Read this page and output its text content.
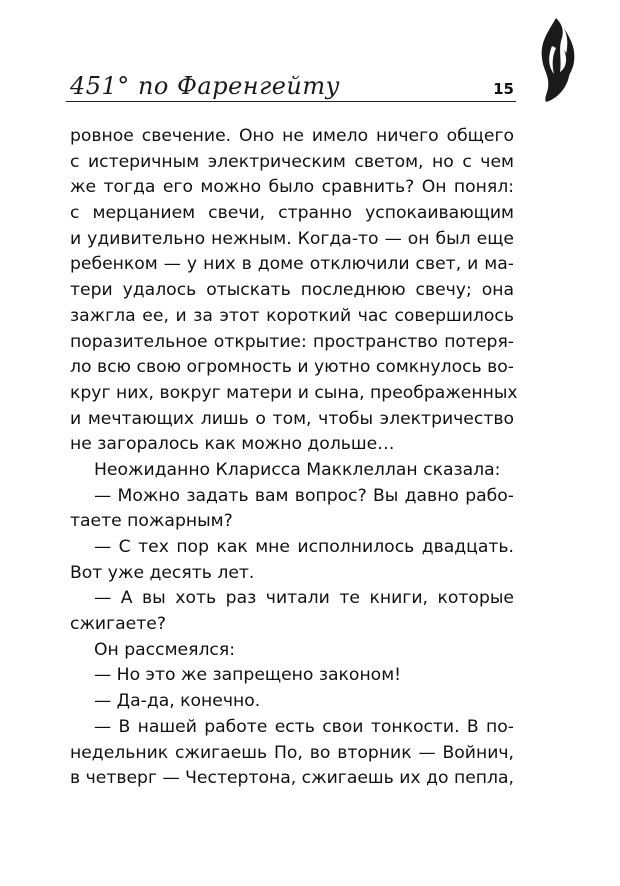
451° по Фаренгейту	15
ровное свечение. Оно не имело ничего общего
с истеричным электрическим светом, но с чем
же тогда его можно было сравнить? Он понял:
с мерцанием свечи, странно успокаивающим
и удивительно нежным. Когда-то — он был еще
ребенком — у них в доме отключили свет, и ма-
тери удалось отыскать последнюю свечу; она
зажгла ее, и за этот короткий час совершилось
поразительное открытие: пространство потеря-
ло всю свою огромность и уютно сомкнулось во-
круг них, вокруг матери и сына, преображенных
и мечтающих лишь о том, чтобы электричество
не загоралось как можно дольше…
Неожиданно Кларисса Макклеллан сказала:
— Можно задать вам вопрос? Вы давно рабо-
таете пожарным?
— С тех пор как мне исполнилось двадцать.
Вот уже десять лет.
— А вы хоть раз читали те книги, которые
сжигаете?
Он рассмеялся:
— Но это же запрещено законом!
— Да-да, конечно.
— В нашей работе есть свои тонкости. В по-
недельник сжигаешь По, во вторник — Войнич,
в четверг — Честертона, сжигаешь их до пепла,
